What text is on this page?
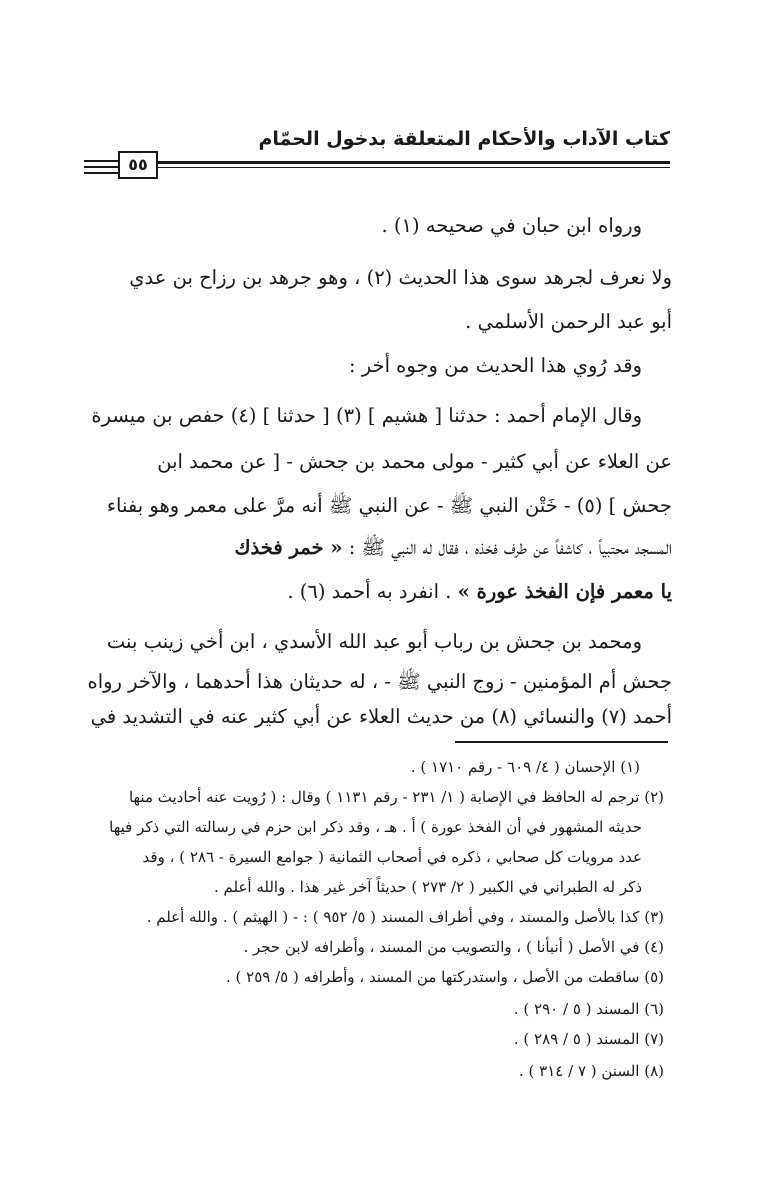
كتاب الآداب والأحكام المتعلقة بدخول الحمّام
٥٥
ورواه ابن حبان في صحيحه (١) .
ولا نعرف لجرهد سوى هذا الحديث (٢) ، وهو جرهد بن رزاح بن عدي
أبو عبد الرحمن الأسلمي .
وقد رُوي هذا الحديث من وجوه أخر :
وقال الإمام أحمد : حدثنا [ هشيم ] (٣) [ حدثنا ] (٤) حفص بن ميسرة
عن العلاء عن أبي كثير - مولى محمد بن جحش - [ عن محمد ابن
جحش ] (٥) - خَتْن النبي ﷺ - عن النبي ﷺ أنه مرَّ على معمر وهو بفناء
المسجد محتبياً ، كاشفاً عن طرف فخذه ، فقال له النبي ﷺ : « خمر فخذك
يا معمر فإن الفخذ عورة » . انفرد به أحمد (٦) .
ومحمد بن جحش بن رباب أبو عبد الله الأسدي ، ابن أخي زينب بنت
جحش أم المؤمنين - زوج النبي ﷺ - ، له حديثان هذا أحدهما ، والآخر رواه
أحمد (٧) والنسائي (٨) من حديث العلاء عن أبي كثير عنه في التشديد في
(١) الإحسان ( ٤/ ٦٠٩ - رقم ١٧١٠ ) .
(٢) ترجم له الحافظ في الإصابة ( ١/ ٢٣١ - رقم ١١٣١ ) وقال : ( رُويت عنه أحاديث منها
حديثه المشهور في أن الفخذ عورة ) أ . هـ ، وقد ذكر ابن حزم في رسالته التي ذكر فيها
عدد مرويات كل صحابي ، ذكره في أصحاب الثمانية ( جوامع السيرة - ٢٨٦ ) ، وقد
ذكر له الطبراني في الكبير ( ٢/ ٢٧٣ ) حديثاً آخر غير هذا . والله أعلم .
(٣) كذا بالأصل والمسند ، وفي أطراف المسند ( ٥/ ٩٥٢ ) : - ( الهيثم ) . والله أعلم .
(٤) في الأصل ( أنبأنا ) ، والتصويب من المسند ، وأطرافه لابن حجر .
(٥) ساقطت من الأصل ، واستدركتها من المسند ، وأطرافه ( ٥/ ٢٥٩ ) .
(٦) المسند ( ٥ / ٢٩٠ ) .
(٧) المسند ( ٥ / ٢٨٩ ) .
(٨) السنن ( ٧ / ٣١٤ ) .
